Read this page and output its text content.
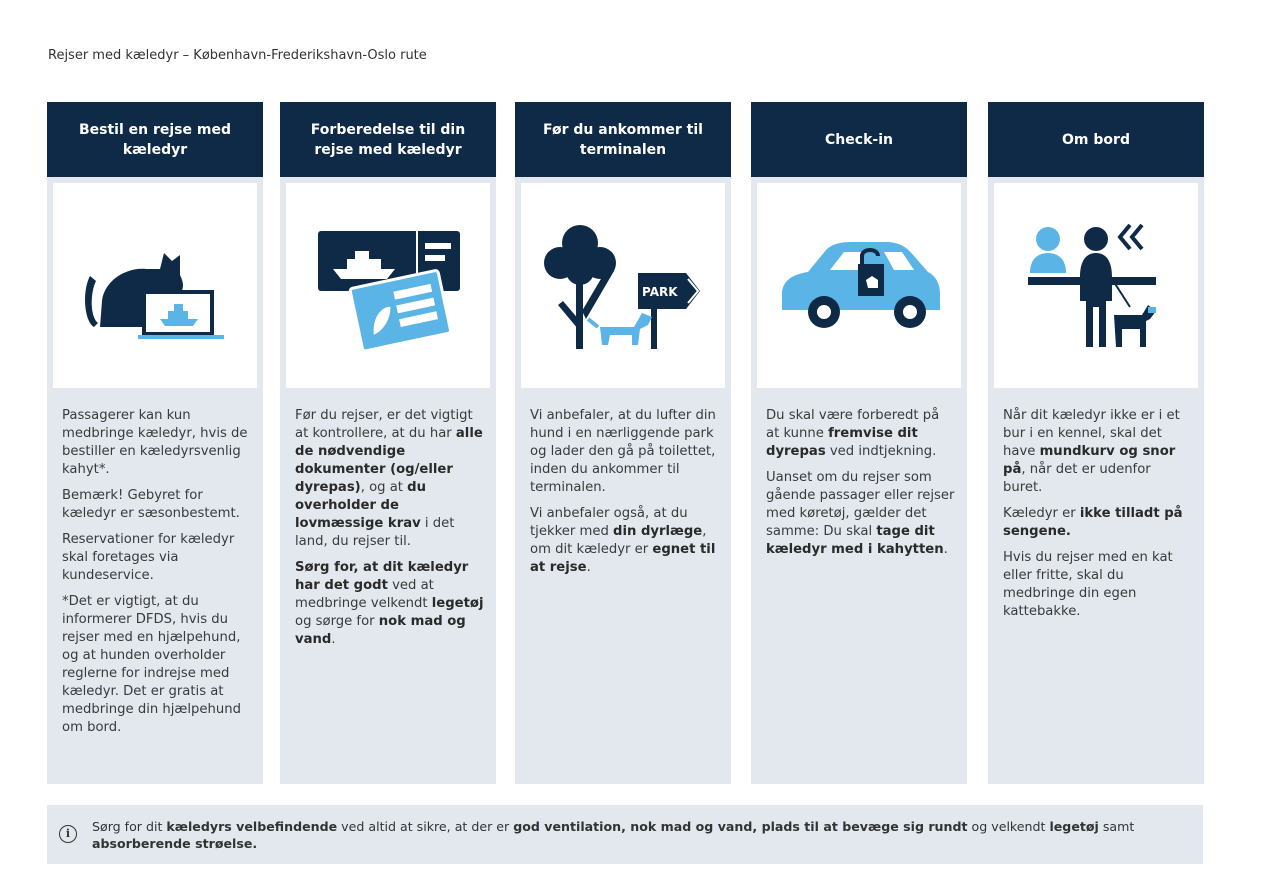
Rejser med kæledyr – København-Frederikshavn-Oslo rute
Bestil en rejse med kæledyr

Passagerer kan kun medbringe kæledyr, hvis de bestiller en kæledyrsvenlig kahyt*.

Bemærk! Gebyret for kæledyr er sæsonbestemt.

Reservationer for kæledyr skal foretages via kundeservice.

*Det er vigtigt, at du informerer DFDS, hvis du rejser med en hjælpehund, og at hunden overholder reglerne for indrejse med kæledyr. Det er gratis at medbringe din hjælpehund om bord.

Forberedelse til din rejse med kæledyr

Før du rejser, er det vigtigt at kontrollere, at du har alle de nødvendige dokumenter (og/eller dyrepas), og at du overholder de lovmæssige krav i det land, du rejser til.

Sørg for, at dit kæledyr har det godt ved at medbringe velkendt legetøj og sørge for nok mad og vand.

Før du ankommer til terminalen
PARK

Vi anbefaler, at du lufter din hund i en nærliggende park og lader den gå på toilettet, inden du ankommer til terminalen.

Vi anbefaler også, at du tjekker med din dyrlæge, om dit kæledyr er egnet til at rejse.

Check-in

Du skal være forberedt på at kunne fremvise dit dyrepas ved indtjekning.

Uanset om du rejser som gående passager eller rejser med køretøj, gælder det samme: Du skal tage dit kæledyr med i kahytten.

Om bord

Når dit kæledyr ikke er i et bur i en kennel, skal det have mundkurv og snor på, når det er udenfor buret.

Kæledyr er ikke tilladt på sengene.

Hvis du rejser med en kat eller fritte, skal du medbringe din egen kattebakke.

i	Sørg for dit kæledyrs velbefindende ved altid at sikre, at der er god ventilation, nok mad og vand, plads til at bevæge sig rundt og velkendt legetøj samt absorberende strøelse.
